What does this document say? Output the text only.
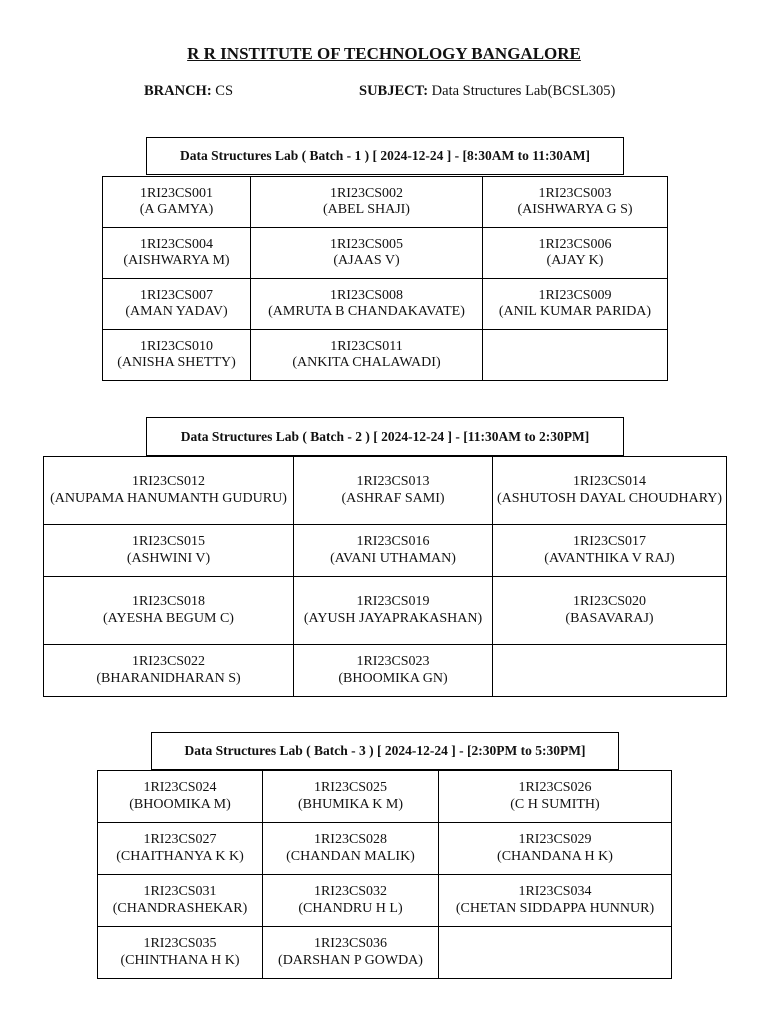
R R INSTITUTE OF TECHNOLOGY BANGALORE
BRANCH: CS	SUBJECT: Data Structures Lab(BCSL305)
Data Structures Lab ( Batch - 1 ) [ 2024-12-24 ] - [8:30AM to 11:30AM]
1RI23CS001
(A GAMYA)	1RI23CS002
(ABEL SHAJI)	1RI23CS003
(AISHWARYA G S)

1RI23CS004
(AISHWARYA M)	1RI23CS005
(AJAAS V)	1RI23CS006
(AJAY K)

1RI23CS007
(AMAN YADAV)	1RI23CS008
(AMRUTA B CHANDAKAVATE)	1RI23CS009
(ANIL KUMAR PARIDA)

1RI23CS010
(ANISHA SHETTY)	1RI23CS011
(ANKITA CHALAWADI)	

Data Structures Lab ( Batch - 2 ) [ 2024-12-24 ] - [11:30AM to 2:30PM]
1RI23CS012
(ANUPAMA HANUMANTH GUDURU)	1RI23CS013
(ASHRAF SAMI)	1RI23CS014
(ASHUTOSH DAYAL CHOUDHARY)

1RI23CS015
(ASHWINI V)	1RI23CS016
(AVANI UTHAMAN)	1RI23CS017
(AVANTHIKA V RAJ)

1RI23CS018
(AYESHA BEGUM C)	1RI23CS019
(AYUSH JAYAPRAKASHAN)	1RI23CS020
(BASAVARAJ)

1RI23CS022
(BHARANIDHARAN S)	1RI23CS023
(BHOOMIKA GN)	

Data Structures Lab ( Batch - 3 ) [ 2024-12-24 ] - [2:30PM to 5:30PM]
1RI23CS024
(BHOOMIKA M)	1RI23CS025
(BHUMIKA K M)	1RI23CS026
(C H SUMITH)

1RI23CS027
(CHAITHANYA K K)	1RI23CS028
(CHANDAN MALIK)	1RI23CS029
(CHANDANA H K)

1RI23CS031
(CHANDRASHEKAR)	1RI23CS032
(CHANDRU H L)	1RI23CS034
(CHETAN SIDDAPPA HUNNUR)

1RI23CS035
(CHINTHANA H K)	1RI23CS036
(DARSHAN P GOWDA)	
